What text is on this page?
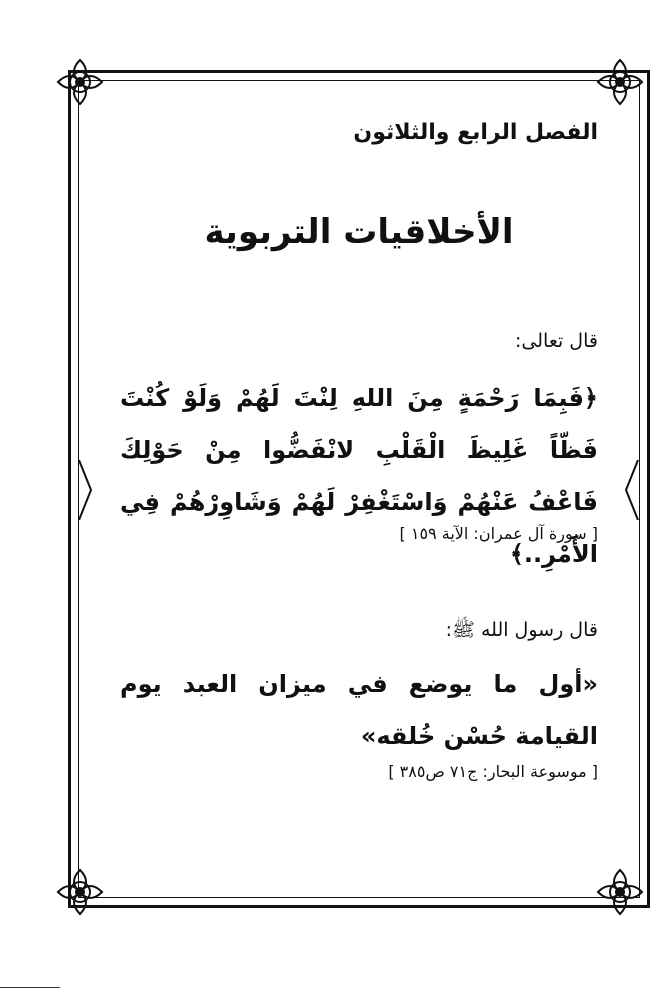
الفصل الرابع والثلاثون
الأخلاقيات التربوية
قال تعالى:
﴿فَبِمَا رَحْمَةٍ مِنَ اللهِ لِنْتَ لَهُمْ وَلَوْ كُنْتَ فَظّاً غَلِيظَ الْقَلْبِ لانْفَضُّوا مِنْ حَوْلِكَ فَاعْفُ عَنْهُمْ وَاسْتَغْفِرْ لَهُمْ وَشَاوِرْهُمْ فِي الأَمْرِ..﴾
[ سورة آل عمران: الآية ١٥٩ ]
قال رسول الله ﷺ:
«أول ما يوضع في ميزان العبد يوم القيامة حُسْن خُلقه»
[ موسوعة البحار: ج٧١ ص٣٨٥ ]
